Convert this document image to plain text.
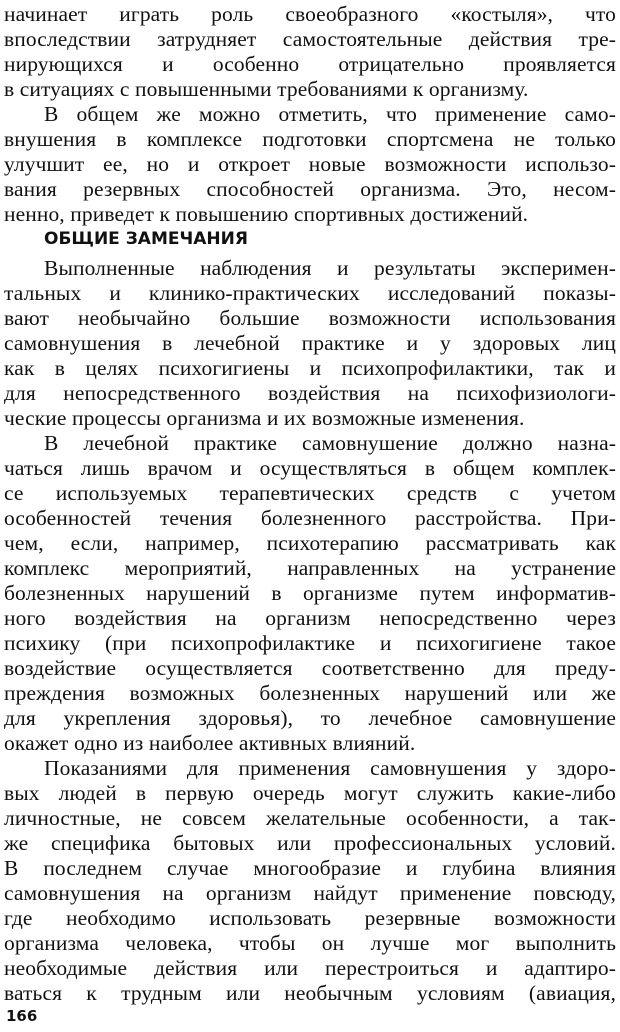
начинает играть роль своеобразного «костыля», что
впоследствии затрудняет самостоятельные действия тре-
нирующихся и особенно отрицательно проявляется
в ситуациях с повышенными требованиями к организму.
В общем же можно отметить, что применение само-
внушения в комплексе подготовки спортсмена не только
улучшит ее, но и откроет новые возможности использо-
вания резервных способностей организма. Это, несом-
ненно, приведет к повышению спортивных достижений.
ОБЩИЕ ЗАМЕЧАНИЯ
Выполненные наблюдения и результаты эксперимен-
тальных и клинико-практических исследований показы-
вают необычайно большие возможности использования
самовнушения в лечебной практике и у здоровых лиц
как в целях психогигиены и психопрофилактики, так и
для непосредственного воздействия на психофизиологи-
ческие процессы организма и их возможные изменения.
В лечебной практике самовнушение должно назна-
чаться лишь врачом и осуществляться в общем комплек-
се используемых терапевтических средств с учетом
особенностей течения болезненного расстройства. При-
чем, если, например, психотерапию рассматривать как
комплекс мероприятий, направленных на устранение
болезненных нарушений в организме путем информатив-
ного воздействия на организм непосредственно через
психику (при психопрофилактике и психогигиене такое
воздействие осуществляется соответственно для преду-
преждения возможных болезненных нарушений или же
для укрепления здоровья), то лечебное самовнушение
окажет одно из наиболее активных влияний.
Показаниями для применения самовнушения у здоро-
вых людей в первую очередь могут служить какие-либо
личностные, не совсем желательные особенности, а так-
же специфика бытовых или профессиональных условий.
В последнем случае многообразие и глубина влияния
самовнушения на организм найдут применение повсюду,
где необходимо использовать резервные возможности
организма человека, чтобы он лучше мог выполнить
необходимые действия или перестроиться и адаптиро-
ваться к трудным или необычным условиям (авиация,
166
